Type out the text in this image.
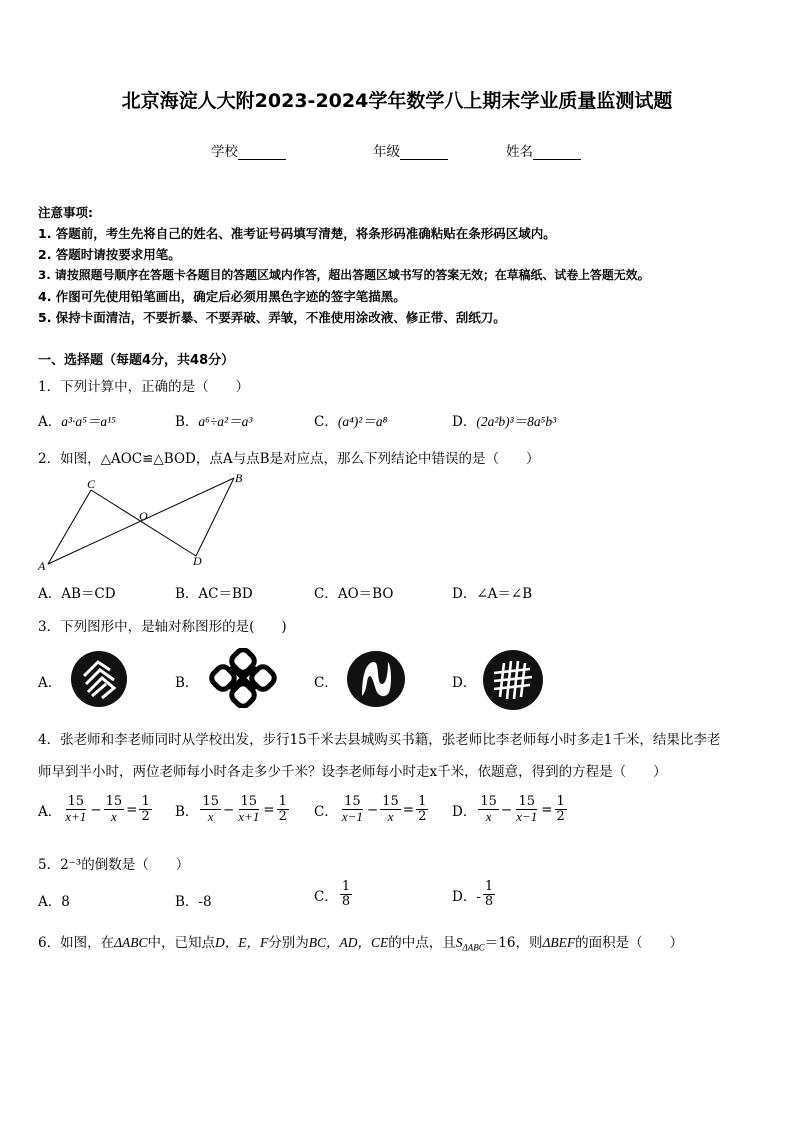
北京海淀人大附2023-2024学年数学八上期末学业质量监测试题
学校	年级	姓名
注意事项:
1. 答题前，考生先将自己的姓名、准考证号码填写清楚，将条形码准确粘贴在条形码区域内。
2. 答题时请按要求用笔。
3. 请按照题号顺序在答题卡各题目的答题区域内作答，超出答题区域书写的答案无效；在草稿纸、试卷上答题无效。
4. 作图可先使用铅笔画出，确定后必须用黑色字迹的签字笔描黑。
5. 保持卡面清洁，不要折暴、不要弄破、弄皱，不准使用涂改液、修正带、刮纸刀。
一、选择题（每题4分，共48分）
1．下列计算中，正确的是（　　）
A．a³·a⁵＝a¹⁵	B．a⁶÷a²＝a³	C．(a⁴)²＝a⁸	D．(2a²b)³＝8a⁵b³
2．如图，△AOC≌△BOD，点A与点B是对应点，那么下列结论中错误的是（　　）
C	B
O
D
A
A．AB＝CD	B．AC＝BD	C．AO＝BO	D．∠A＝∠B
3．下列图形中，是轴对称图形的是(　　)
A．	B．	C．	D．
4．张老师和李老师同时从学校出发，步行15千米去县城购买书籍，张老师比李老师每小时多走1千米，结果比李老
师早到半小时，两位老师每小时各走多少千米？设李老师每小时走x千米，依题意，得到的方程是（　　）
A． $\frac{15}{x+1} - \frac{15}{x} = \frac{1}{2}$ B． $\frac{15}{x} - \frac{15}{x+1} = \frac{1}{2}$ C． $\frac{15}{x-1} - \frac{15}{x} = \frac{1}{2}$ D． $\frac{15}{x} - \frac{15}{x-1} = \frac{1}{2}$
5．2⁻³的倒数是（　　）
A．8	B．-8	C． $\frac{1}{8}$	D．- $\frac{1}{8}$
6．如图，在ΔABC中，已知点D，E，F分别为BC，AD，CE的中点，且$S_{\Delta ABC}=16$，则ΔBEF的面积是（　　）
